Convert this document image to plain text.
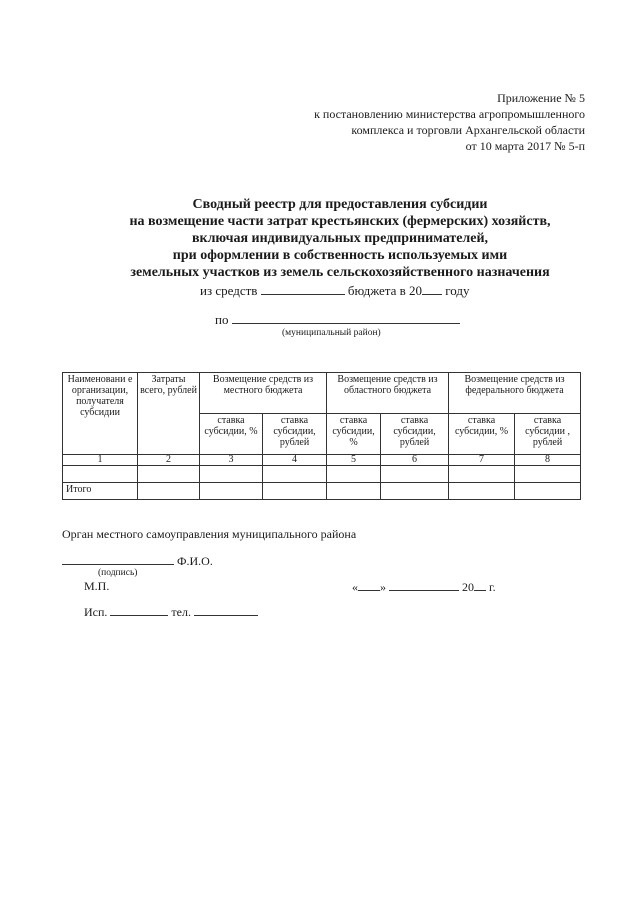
Приложение № 5
к постановлению министерства агропромышленного
комплекса и торговли Архангельской области
от 10 марта 2017 № 5-п
Сводный реестр для предоставления субсидии
на возмещение части затрат крестьянских (фермерских) хозяйств,
включая индивидуальных предпринимателей,
при оформлении в собственность используемых ими
земельных участков из земель сельскохозяйственного назначения
из средств	бюджета в 20 году
по
(муниципальный район)
Наименовани е организации, получателя субсидии	Затраты всего, рублей	Возмещение средств из местного бюджета		Возмещение средств из областного бюджета		Возмещение средств из федерального бюджета	
		ставка субсидии, %	ставка субсидии, рублей	ставка субсидии, %	ставка субсидии, рублей	ставка субсидии, %	ставка субсидии , рублей
1	2	3	4	5	6	7	8

Итого							
Орган местного самоуправления муниципального района
Ф.И.О.
(подпись)
М.П.	« »	20 г.
Исп.	тел.
